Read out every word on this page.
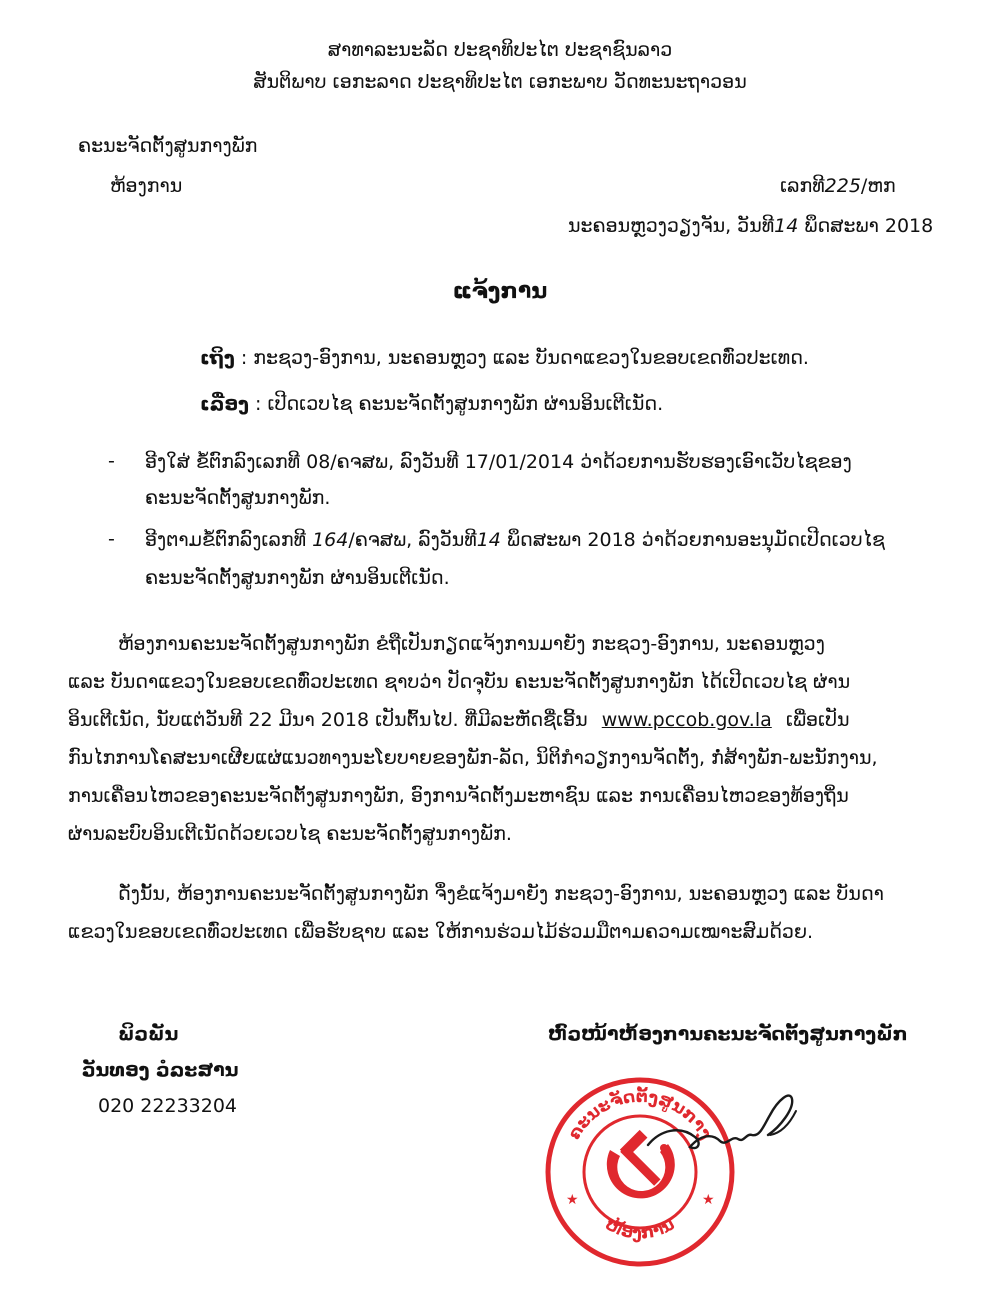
ສາທາລະນະລັດ ປະຊາທິປະໄຕ ປະຊາຊົນລາວ
ສັນຕິພາບ ເອກະລາດ ປະຊາທິປະໄຕ ເອກະພາບ ວັດທະນະຖາວອນ
ຄະນະຈັດຕັ້ງສູນກາງພັກ
ຫ້ອງການ	ເລກທີ225/ຫກ
ນະຄອນຫຼວງວຽງຈັນ, ວັນທີ14 ພຶດສະພາ 2018
ແຈ້ງການ
ເຖິງ : ກະຊວງ-ອົງການ, ນະຄອນຫຼວງ ແລະ ບັນດາແຂວງໃນຂອບເຂດທົ່ວປະເທດ.
ເລື່ອງ : ເປີດເວບໄຊ ຄະນະຈັດຕັ້ງສູນກາງພັກ ຜ່ານອິນເຕີເນັດ.
- ອີງໃສ່ ຂໍ້ຕົກລົງເລກທີ 08/ຄຈສພ, ລົງວັນທີ 17/01/2014 ວ່າດ້ວຍການຮັບຮອງເອົາເວັບໄຊຂອງ
ຄະນະຈັດຕັ້ງສູນກາງພັກ.
- ອີງຕາມຂໍ້ຕົກລົງເລກທີ 164/ຄຈສພ, ລົງວັນທີ14 ພຶດສະພາ 2018 ວ່າດ້ວຍການອະນຸມັດເປີດເວບໄຊ
ຄະນະຈັດຕັ້ງສູນກາງພັກ ຜ່ານອິນເຕີເນັດ.
ຫ້ອງການຄະນະຈັດຕັ້ງສູນກາງພັກ ຂໍຖືເປັນກຽດແຈ້ງການມາຍັງ ກະຊວງ-ອົງການ, ນະຄອນຫຼວງ
ແລະ ບັນດາແຂວງໃນຂອບເຂດທົ່ວປະເທດ ຊາບວ່າ ປັດຈຸບັນ ຄະນະຈັດຕັ້ງສູນກາງພັກ ໄດ້ເປີດເວບໄຊ ຜ່ານ
ອິນເຕີເນັດ, ນັບແຕ່ວັນທີ 22 ມີນາ 2018 ເປັນຕົ້ນໄປ. ທີ່ມີລະຫັດຊື່ເອີ້ນ www.pccob.gov.la ເພື່ອເປັນ
ກົນໄກການໂຄສະນາເຜີຍແຜ່ແນວທາງນະໂຍບາຍຂອງພັກ-ລັດ, ນິຕິກຳວຽກງານຈັດຕັ້ງ, ກໍ່ສ້າງພັກ-ພະນັກງານ,
ການເຄື່ອນໄຫວຂອງຄະນະຈັດຕັ້ງສູນກາງພັກ, ອົງການຈັດຕັ້ງມະຫາຊົນ ແລະ ການເຄື່ອນໄຫວຂອງທ້ອງຖິ່ນ
ຜ່ານລະບົບອິນເຕີເນັດດ້ວຍເວບໄຊ ຄະນະຈັດຕັ້ງສູນກາງພັກ.
ດັ່ງນັ້ນ, ຫ້ອງການຄະນະຈັດຕັ້ງສູນກາງພັກ ຈຶ່ງຂໍແຈ້ງມາຍັງ ກະຊວງ-ອົງການ, ນະຄອນຫຼວງ ແລະ ບັນດາ
ແຂວງໃນຂອບເຂດທົ່ວປະເທດ ເພື່ອຮັບຊາບ ແລະ ໃຫ້ການຮ່ວມໄມ້ຮ່ວມມືຕາມຄວາມເໝາະສົມດ້ວຍ.
ພິວພັນ
ວັນທອງ ວໍລະສານ
020 22233204
ຫົວໜ້າຫ້ອງການຄະນະຈັດຕັ້ງສູນກາງພັກ
ຄະນະຈັດຕັ້ງສູນກາງ
ຫ້ອງການ
★	★
